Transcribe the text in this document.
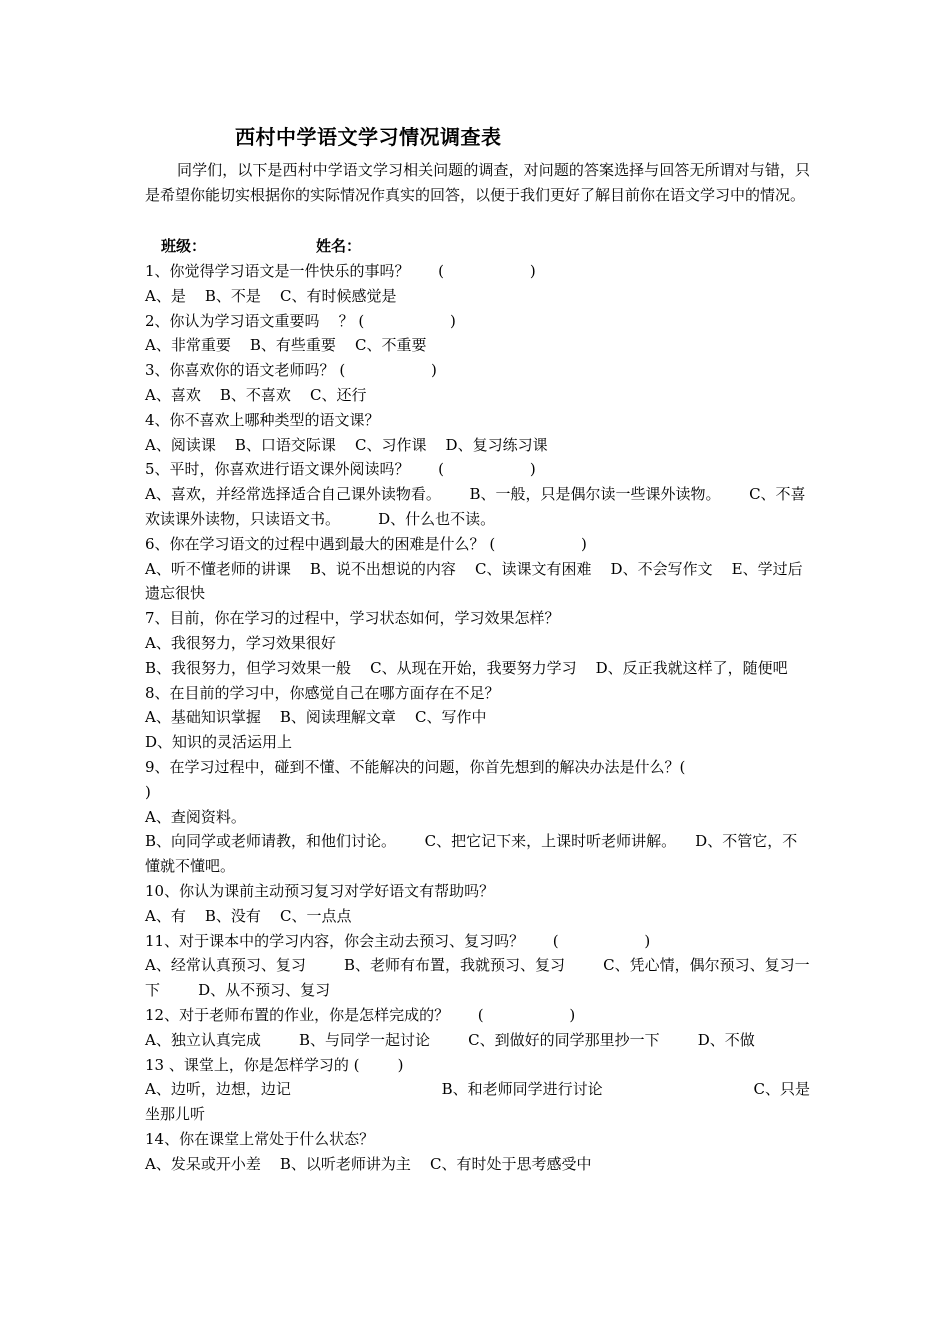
西村中学语文学习情况调查表

同学们，以下是西村中学语文学习相关问题的调查，对问题的答案选择与回答无所谓对与错，只是希望你能切实根据你的实际情况作真实的回答，以便于我们更好了解目前你在语文学习中的情况。

班级：	姓名：

1、你觉得学习语文是一件快乐的事吗？      (                  )

A、是    B、不是    C、有时候感觉是

2、你认为学习语文重要吗    ？ (                  )

A、非常重要    B、有些重要    C、不重要

3、你喜欢你的语文老师吗？ (                  )

A、喜欢    B、不喜欢    C、还行

4、你不喜欢上哪种类型的语文课？

A、阅读课    B、口语交际课    C、习作课    D、复习练习课

5、平时，你喜欢进行语文课外阅读吗？      (                  )

A、喜欢，并经常选择适合自己课外读物看。      B、一般，只是偶尔读一些课外读物。      C、不喜欢读课外读物，只读语文书。        D、什么也不读。

6、你在学习语文的过程中遇到最大的困难是什么？ (                  )

A、听不懂老师的讲课    B、说不出想说的内容    C、读课文有困难    D、不会写作文    E、学过后遗忘很快

7、目前，你在学习的过程中，学习状态如何，学习效果怎样？

A、我很努力，学习效果很好

B、我很努力，但学习效果一般    C、从现在开始，我要努力学习    D、反正我就这样了，随便吧

8、在目前的学习中，你感觉自己在哪方面存在不足？

A、基础知识掌握    B、阅读理解文章    C、写作中

D、知识的灵活运用上

9、在学习过程中，碰到不懂、不能解决的问题，你首先想到的解决办法是什么？(

)

A、查阅资料。

B、向同学或老师请教，和他们讨论。      C、把它记下来，上课时听老师讲解。    D、不管它，不懂就不懂吧。

10、你认为课前主动预习复习对学好语文有帮助吗？

A、有    B、没有    C、一点点

11、对于课本中的学习内容，你会主动去预习、复习吗？      (                  )

A、经常认真预习、复习        B、老师有布置，我就预习、复习        C、凭心情，偶尔预习、复习一下        D、从不预习、复习

12、对于老师布置的作业，你是怎样完成的？      (                  )

A、独立认真完成        B、与同学一起讨论        C、到做好的同学那里抄一下        D、不做

13 、课堂上，你是怎样学习的 (        )

A、边听，边想，边记	B、和老师同学进行讨论	C、只是

坐那儿听

14、你在课堂上常处于什么状态？

A、发呆或开小差    B、以听老师讲为主    C、有时处于思考感受中
